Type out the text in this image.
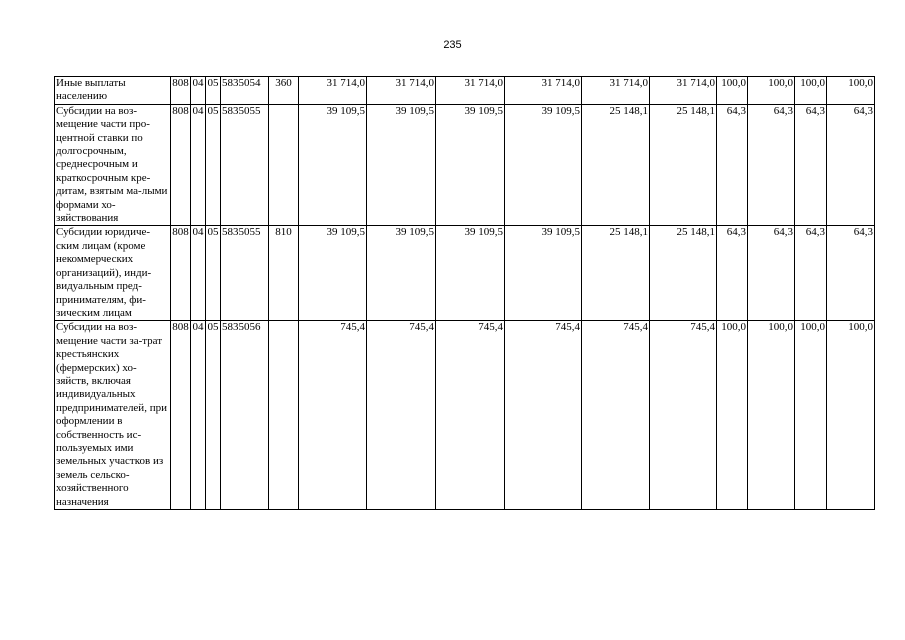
235
Иные выплаты населению	808	04	05	5835054	360	31 714,0	31 714,0	31 714,0	31 714,0	31 714,0	31 714,0	100,0	100,0	100,0	100,0
Субсидии на воз-мещение части про-центной ставки по долгосрочным, среднесрочным и краткосрочным кре-дитам, взятым ма-лыми формами хо-зяйствования	808	04	05	5835055		39 109,5	39 109,5	39 109,5	39 109,5	25 148,1	25 148,1	64,3	64,3	64,3	64,3
Субсидии юридиче-ским лицам (кроме некоммерческих организаций), инди-видуальным пред-принимателям, фи-зическим лицам	808	04	05	5835055	810	39 109,5	39 109,5	39 109,5	39 109,5	25 148,1	25 148,1	64,3	64,3	64,3	64,3
Субсидии на воз-мещение части за-трат крестьянских (фермерских) хо-зяйств, включая индивидуальных предпринимателей, при оформлении в собственность ис-пользуемых ими земельных участков из земель сельско-хозяйственного назначения	808	04	05	5835056		745,4	745,4	745,4	745,4	745,4	745,4	100,0	100,0	100,0	100,0
